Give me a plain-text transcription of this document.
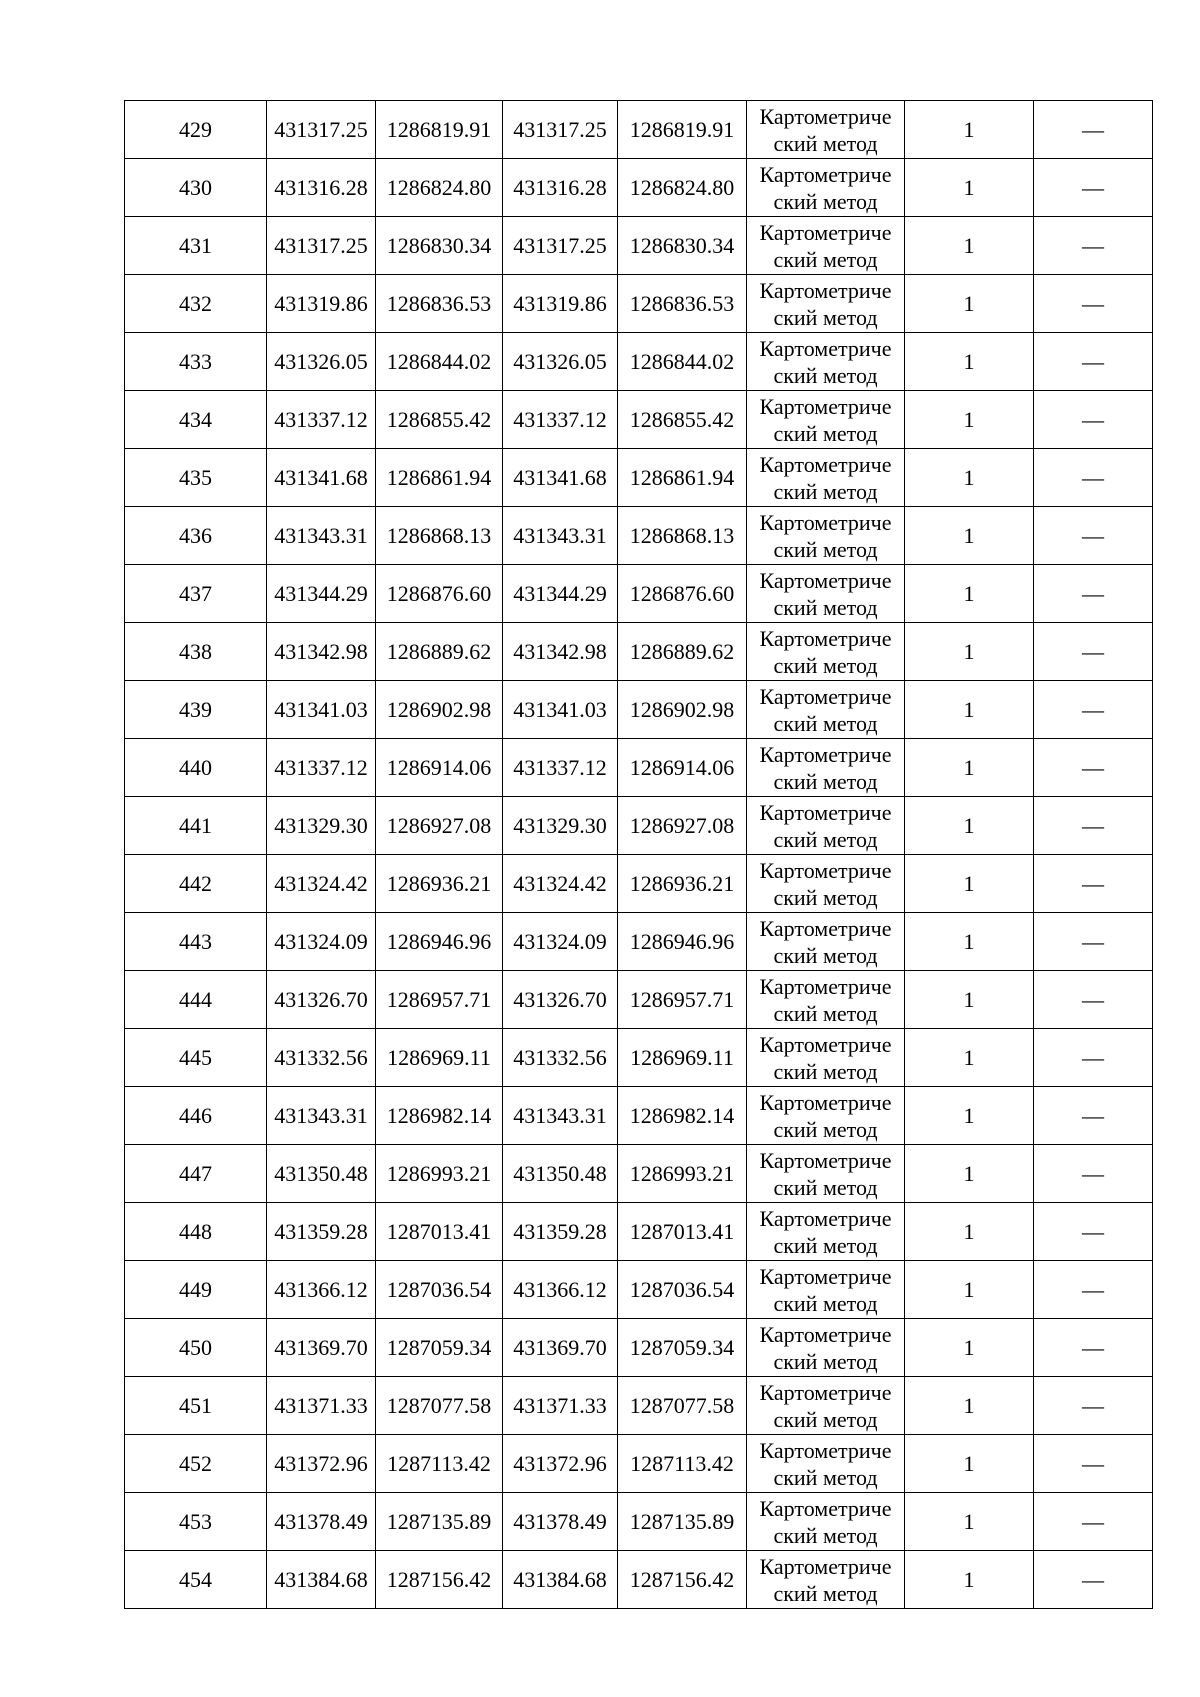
429	431317.25	1286819.91	431317.25	1286819.91	Картометриче
ский метод	1	—
430	431316.28	1286824.80	431316.28	1286824.80	Картометриче
ский метод	1	—
431	431317.25	1286830.34	431317.25	1286830.34	Картометриче
ский метод	1	—
432	431319.86	1286836.53	431319.86	1286836.53	Картометриче
ский метод	1	—
433	431326.05	1286844.02	431326.05	1286844.02	Картометриче
ский метод	1	—
434	431337.12	1286855.42	431337.12	1286855.42	Картометриче
ский метод	1	—
435	431341.68	1286861.94	431341.68	1286861.94	Картометриче
ский метод	1	—
436	431343.31	1286868.13	431343.31	1286868.13	Картометриче
ский метод	1	—
437	431344.29	1286876.60	431344.29	1286876.60	Картометриче
ский метод	1	—
438	431342.98	1286889.62	431342.98	1286889.62	Картометриче
ский метод	1	—
439	431341.03	1286902.98	431341.03	1286902.98	Картометриче
ский метод	1	—
440	431337.12	1286914.06	431337.12	1286914.06	Картометриче
ский метод	1	—
441	431329.30	1286927.08	431329.30	1286927.08	Картометриче
ский метод	1	—
442	431324.42	1286936.21	431324.42	1286936.21	Картометриче
ский метод	1	—
443	431324.09	1286946.96	431324.09	1286946.96	Картометриче
ский метод	1	—
444	431326.70	1286957.71	431326.70	1286957.71	Картометриче
ский метод	1	—
445	431332.56	1286969.11	431332.56	1286969.11	Картометриче
ский метод	1	—
446	431343.31	1286982.14	431343.31	1286982.14	Картометриче
ский метод	1	—
447	431350.48	1286993.21	431350.48	1286993.21	Картометриче
ский метод	1	—
448	431359.28	1287013.41	431359.28	1287013.41	Картометриче
ский метод	1	—
449	431366.12	1287036.54	431366.12	1287036.54	Картометриче
ский метод	1	—
450	431369.70	1287059.34	431369.70	1287059.34	Картометриче
ский метод	1	—
451	431371.33	1287077.58	431371.33	1287077.58	Картометриче
ский метод	1	—
452	431372.96	1287113.42	431372.96	1287113.42	Картометриче
ский метод	1	—
453	431378.49	1287135.89	431378.49	1287135.89	Картометриче
ский метод	1	—
454	431384.68	1287156.42	431384.68	1287156.42	Картометриче
ский метод	1	—
